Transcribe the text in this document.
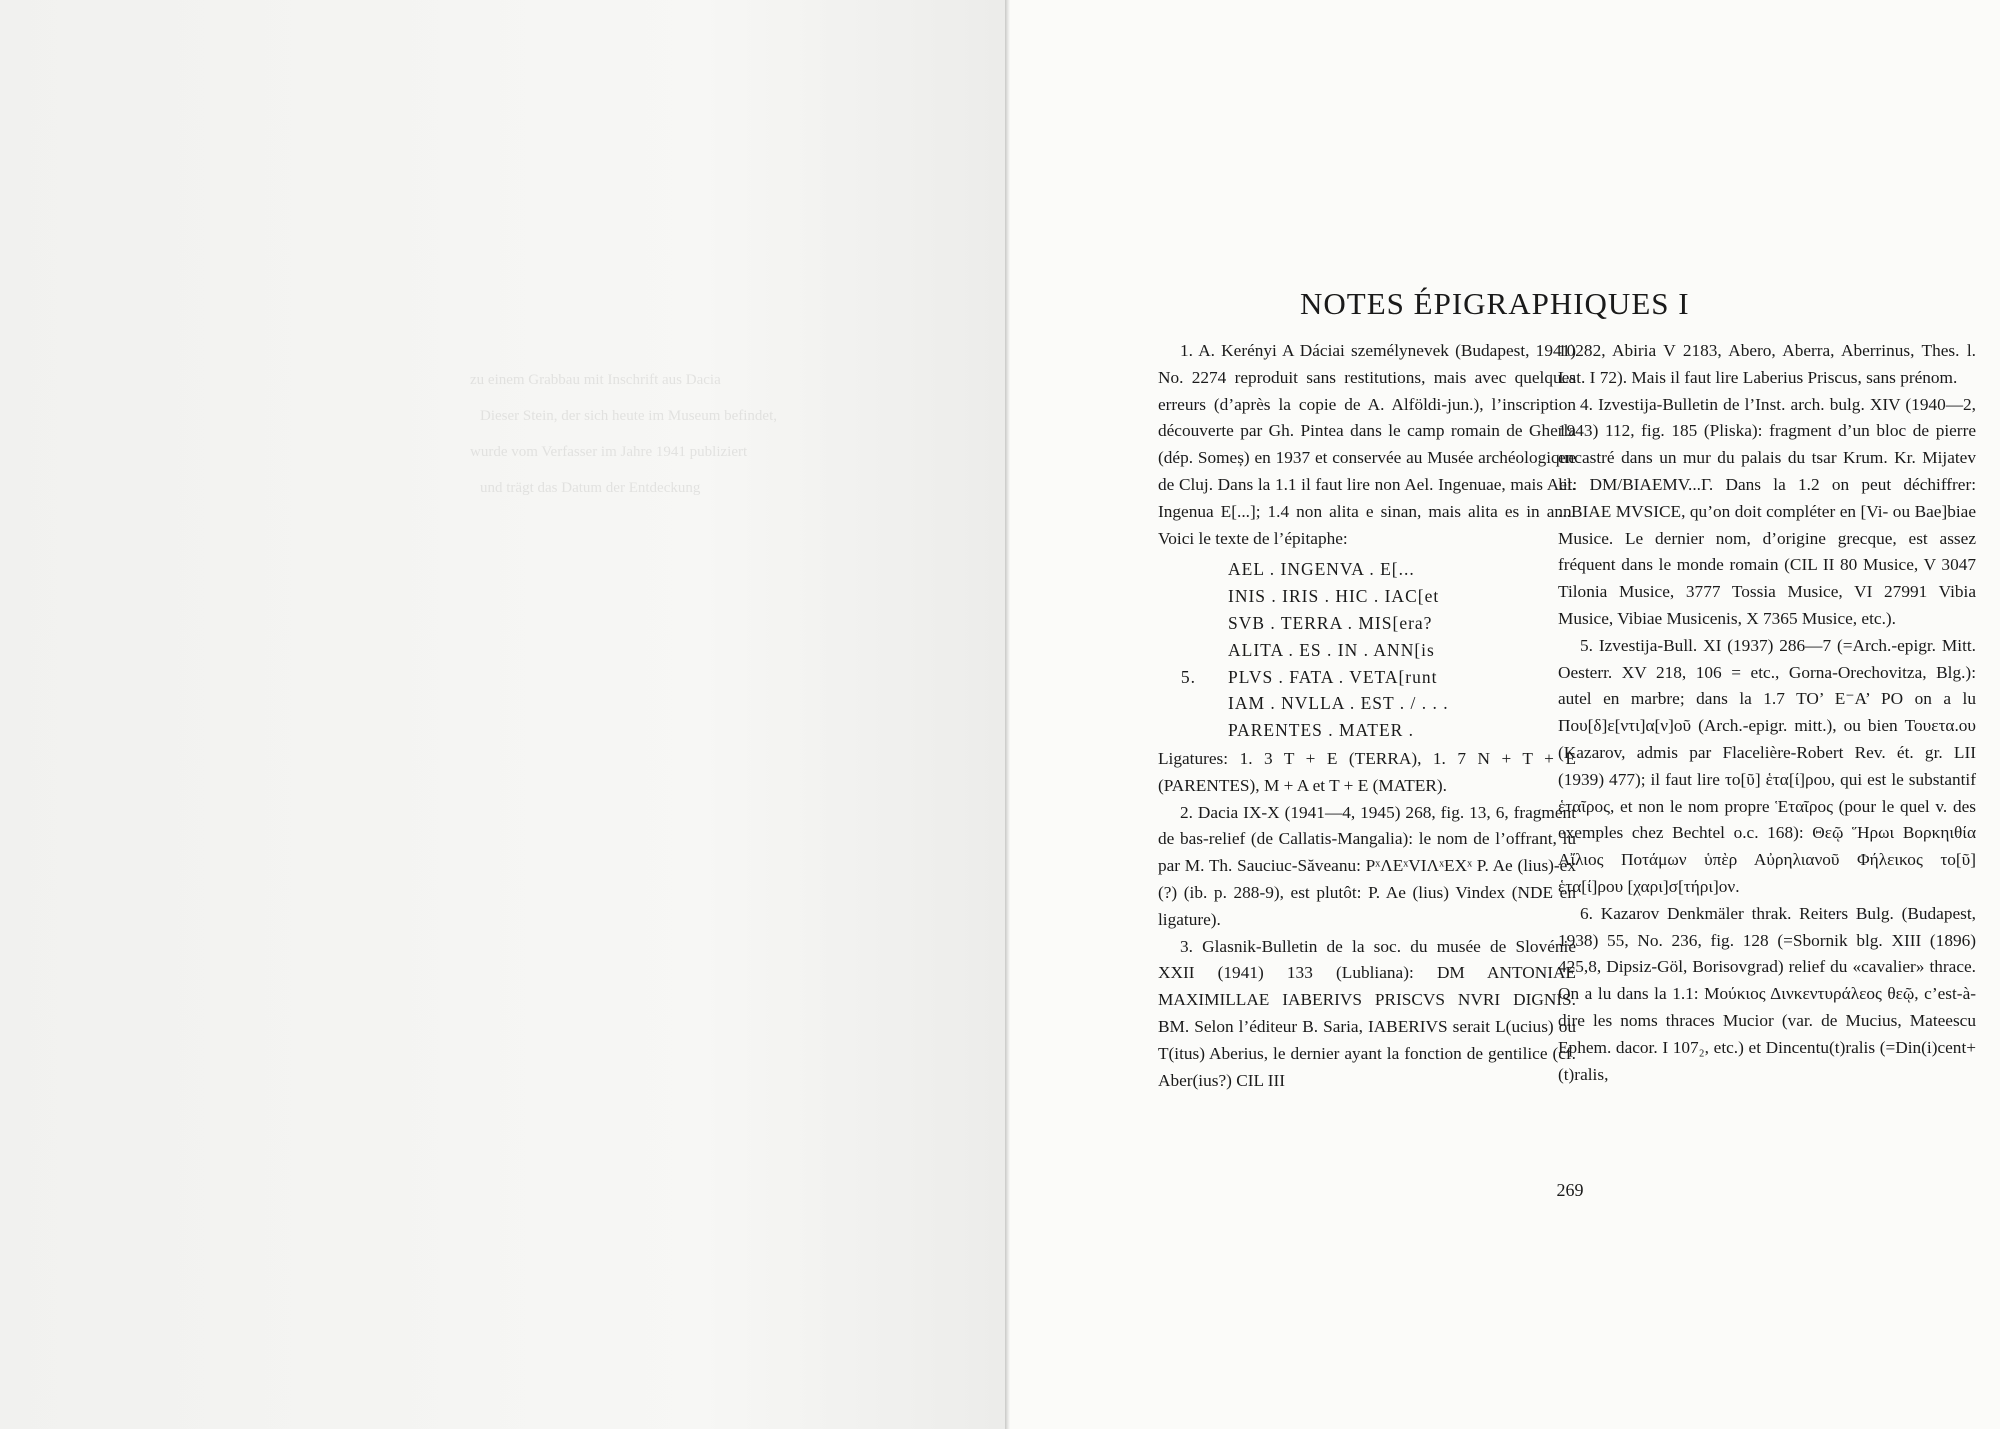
zu einem Grabbau mit Inschrift aus Dacia
Dieser Stein, der sich heute im Museum befindet,
wurde vom Verfasser im Jahre 1941 publiziert
und trägt das Datum der Entdeckung
NOTES ÉPIGRAPHIQUES I

1. A. Kerényi A Dáciai személynevek (Budapest, 1941) No. 2274 reproduit sans restitutions, mais avec quelques erreurs (d’après la copie de A. Alföldi-jun.), l’inscription découverte par Gh. Pintea dans le camp romain de Gherla (dép. Someș) en 1937 et conservée au Musée archéologique de Cluj. Dans la 1.1 il faut lire non Ael. Ingenuae, mais Ael. Ingenua E[...]; 1.4 non alita e sinan, mais alita es in ann. Voici le texte de l’épitaphe:

AEL . INGENVA . E[...
INIS . IRIS . HIC . IAC[et
SVB . TERRA . MIS[era?
ALITA . ES . IN . ANN[is
5.	PLVS . FATA . VETA[runt
IAM . NVLLA . EST . / . . .
PARENTES . MATER .

Ligatures: 1. 3 T + E (TERRA), 1. 7 N + T + E (PARENTES), M + A et T + E (MATER).

2. Dacia IX-X (1941—4, 1945) 268, fig. 13, 6, fragment de bas-relief (de Callatis-Mangalia): le nom de l’offrant, lu par M. Th. Sauciuc-Săveanu: PˣΛEˣVIΛˣEXˣ P. Ae (lius)-ex (?) (ib. p. 288-9), est plutôt: P. Ae (lius) Vindex (NDE en ligature).

3. Glasnik-Bulletin de la soc. du musée de Slovénie XXII (1941) 133 (Lubliana): DM ANTONIAE MAXIMILLAE IABERIVS PRISCVS NVRI DIGNIS. BM. Selon l’éditeur B. Saria, IABERIVS serait L(ucius) ou T(itus) Aberius, le dernier ayant la fonction de gentilice (cf. Aber(ius?) CIL III

10282, Abiria V 2183, Abero, Aberra, Aberrinus, Thes. l. Lat. I 72). Mais il faut lire Laberius Priscus, sans prénom.

4. Izvestija-Bulletin de l’Inst. arch. bulg. XIV (1940—2, 1943) 112, fig. 185 (Pliska): fragment d’un bloc de pierre encastré dans un mur du palais du tsar Krum. Kr. Mijatev lit: DM/BIAEMV...Γ. Dans la 1.2 on peut déchiffrer: ...BIAE MVSICE, qu’on doit compléter en [Vi- ou Bae]biae Musice. Le dernier nom, d’origine grecque, est assez fréquent dans le monde romain (CIL II 80 Musice, V 3047 Tilonia Musice, 3777 Tossia Musice, VI 27991 Vibia Musice, Vibiae Musicenis, X 7365 Musice, etc.).

5. Izvestija-Bull. XI (1937) 286—7 (=Arch.-epigr. Mitt. Oesterr. XV 218, 106 = etc., Gorna-Orechovitza, Blg.): autel en marbre; dans la 1.7 TO’ E⁻A’ PO on a lu Που[δ]ε[ντι]α[ν]οῦ (Arch.-epigr. mitt.), ou bien Τουετα.ου (Kazarov, admis par Flacelière-Robert Rev. ét. gr. LII (1939) 477); il faut lire το[ῦ] ἑτα[ί]ρου, qui est le substantif ἑταῖρος, et non le nom propre Ἑταῖρος (pour le quel v. des exemples chez Bechtel o.c. 168): Θεῷ Ἥρωι Βορκηιθία Αἴλιος Ποτάμων ὑπὲρ Αὐρηλιανοῦ Φήλεικος το[ῦ] ἑτα[ί]ρου [χαρι]σ[τήρι]ον.

6. Kazarov Denkmäler thrak. Reiters Bulg. (Budapest, 1938) 55, No. 236, fig. 128 (=Sbornik blg. XIII (1896) 425,8, Dipsiz-Göl, Borisovgrad) relief du «cavalier» thrace. On a lu dans la 1.1: Μούκιος Δινκεντυράλεος θεῷ, c’est-à-dire les noms thraces Mucior (var. de Mucius, Mateescu Ephem. dacor. I 107₂, etc.) et Dincentu(t)ralis (=Din(i)cent+(t)ralis,

269
